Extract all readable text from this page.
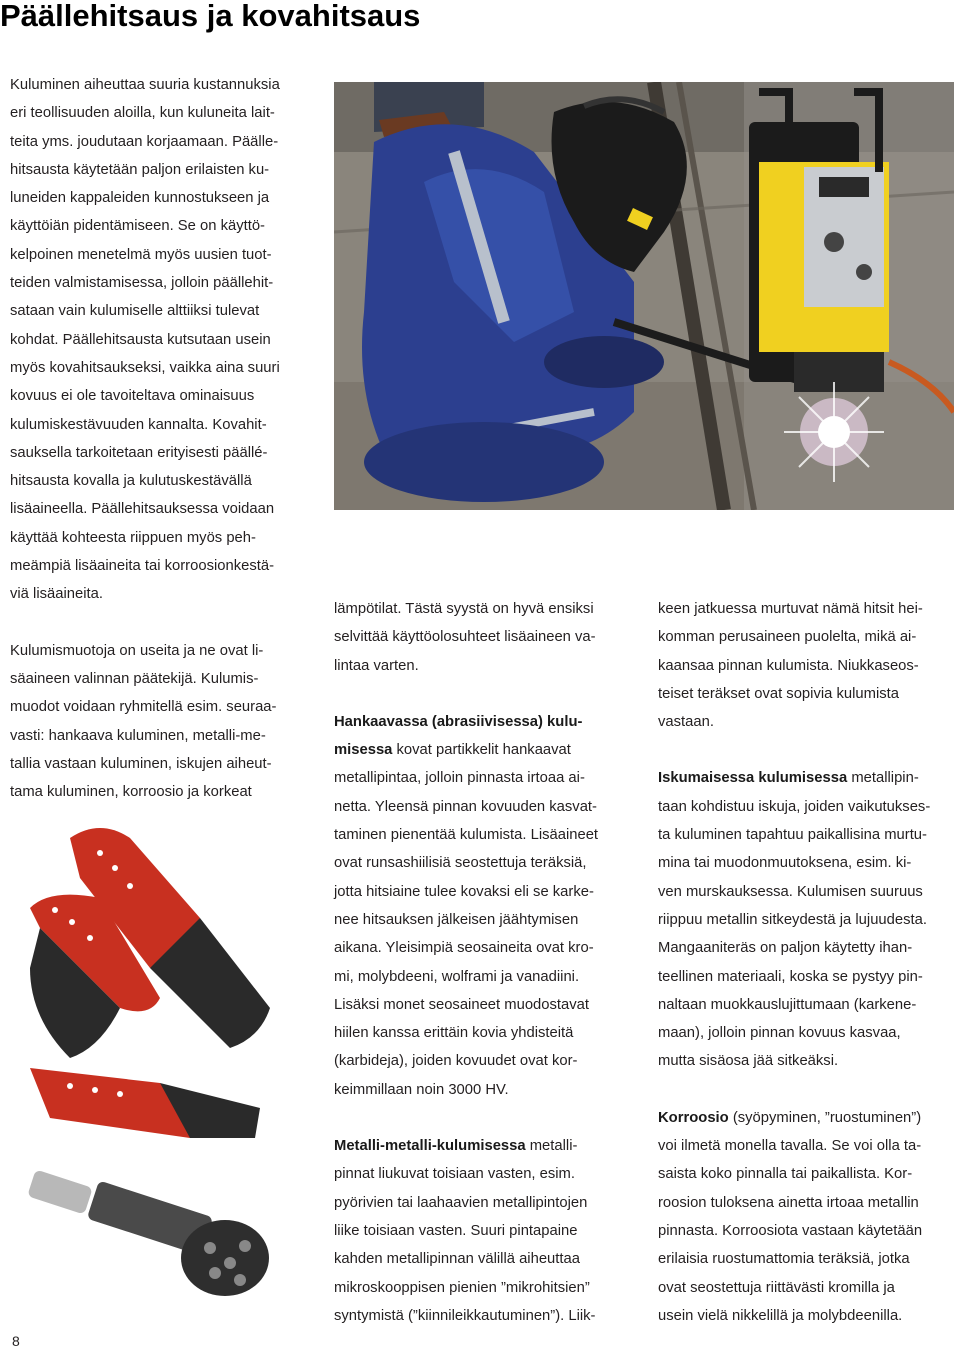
Päällehitsaus ja kovahitsaus

Kuluminen aiheuttaa suuria kustannuksia

eri teollisuuden aloilla, kun kuluneita lait-

teita yms. joudutaan korjaamaan. Päälle-

hitsausta käytetään paljon erilaisten ku-

luneiden kappaleiden kunnostukseen ja

käyttöiän pidentämiseen. Se on käyttö-

kelpoinen menetelmä myös uusien tuot-

teiden valmistamisessa, jolloin päällehit-

sataan vain kulumiselle alttiiksi tulevat

kohdat. Päällehitsausta kutsutaan usein

myös kovahitsaukseksi, vaikka aina suuri

kovuus ei ole tavoiteltava ominaisuus

kulumiskestävuuden kannalta. Kovahit-

sauksella tarkoitetaan erityisesti päällé-

hitsausta kovalla ja kulutuskestävällä

lisäaineella. Päällehitsauksessa voidaan

käyttää kohteesta riippuen myös peh-

meämpiä lisäaineita tai korroosionkestä-

viä lisäaineita.

Kulumismuotoja on useita ja ne ovat li-

säaineen valinnan päätekijä. Kulumis-

muodot voidaan ryhmitellä esim. seuraa-

vasti: hankaava kuluminen, metalli-me-

tallia vastaan kuluminen, iskujen aiheut-

tama kuluminen, korroosio ja korkeat

lämpötilat. Tästä syystä on hyvä ensiksi

selvittää käyttöolosuhteet lisäaineen va-

lintaa varten.

Hankaavassa (abrasiivisessa) kulu-

misessa kovat partikkelit hankaavat

metallipintaa, jolloin pinnasta irtoaa ai-

netta. Yleensä pinnan kovuuden kasvat-

taminen pienentää kulumista. Lisäaineet

ovat runsashiilisiä seostettuja teräksiä,

jotta hitsiaine tulee kovaksi eli se karke-

nee hitsauksen jälkeisen jäähtymisen

aikana. Yleisimpiä seosaineita ovat kro-

mi, molybdeeni, wolframi ja vanadiini.

Lisäksi monet seosaineet muodostavat

hiilen kanssa erittäin kovia yhdisteitä

(karbideja), joiden kovuudet ovat kor-

keimmillaan noin 3000 HV.

Metalli-metalli-kulumisessa metalli-

pinnat liukuvat toisiaan vasten, esim.

pyörivien tai laahaavien metallipintojen

liike toisiaan vasten. Suuri pintapaine

kahden metallipinnan välillä aiheuttaa

mikroskooppisen pienien ”mikrohitsien”

syntymistä (”kiinnileikkautuminen”). Liik-

keen jatkuessa murtuvat nämä hitsit hei-

komman perusaineen puolelta, mikä ai-

kaansaa pinnan kulumista. Niukkaseos-

teiset teräkset ovat sopivia kulumista

vastaan.

Iskumaisessa kulumisessa metallipin-

taan kohdistuu iskuja, joiden vaikutukses-

ta kuluminen tapahtuu paikallisina murtu-

mina tai muodonmuutoksena, esim. ki-

ven murskauksessa. Kulumisen suuruus

riippuu metallin sitkeydestä ja lujuudesta.

Mangaaniteräs on paljon käytetty ihan-

teellinen materiaali, koska se pystyy pin-

naltaan muokkauslujittumaan (karkene-

maan), jolloin pinnan kovuus kasvaa,

mutta sisäosa jää sitkeäksi.

Korroosio (syöpyminen, ”ruostuminen”)

voi ilmetä monella tavalla. Se voi olla ta-

saista koko pinnalla tai paikallista. Kor-

roosion tuloksena ainetta irtoaa metallin

pinnasta. Korroosiota vastaan käytetään

erilaisia ruostumattomia teräksiä, jotka

ovat seostettuja riittävästi kromilla ja

usein vielä nikkelillä ja molybdeenilla.

8
